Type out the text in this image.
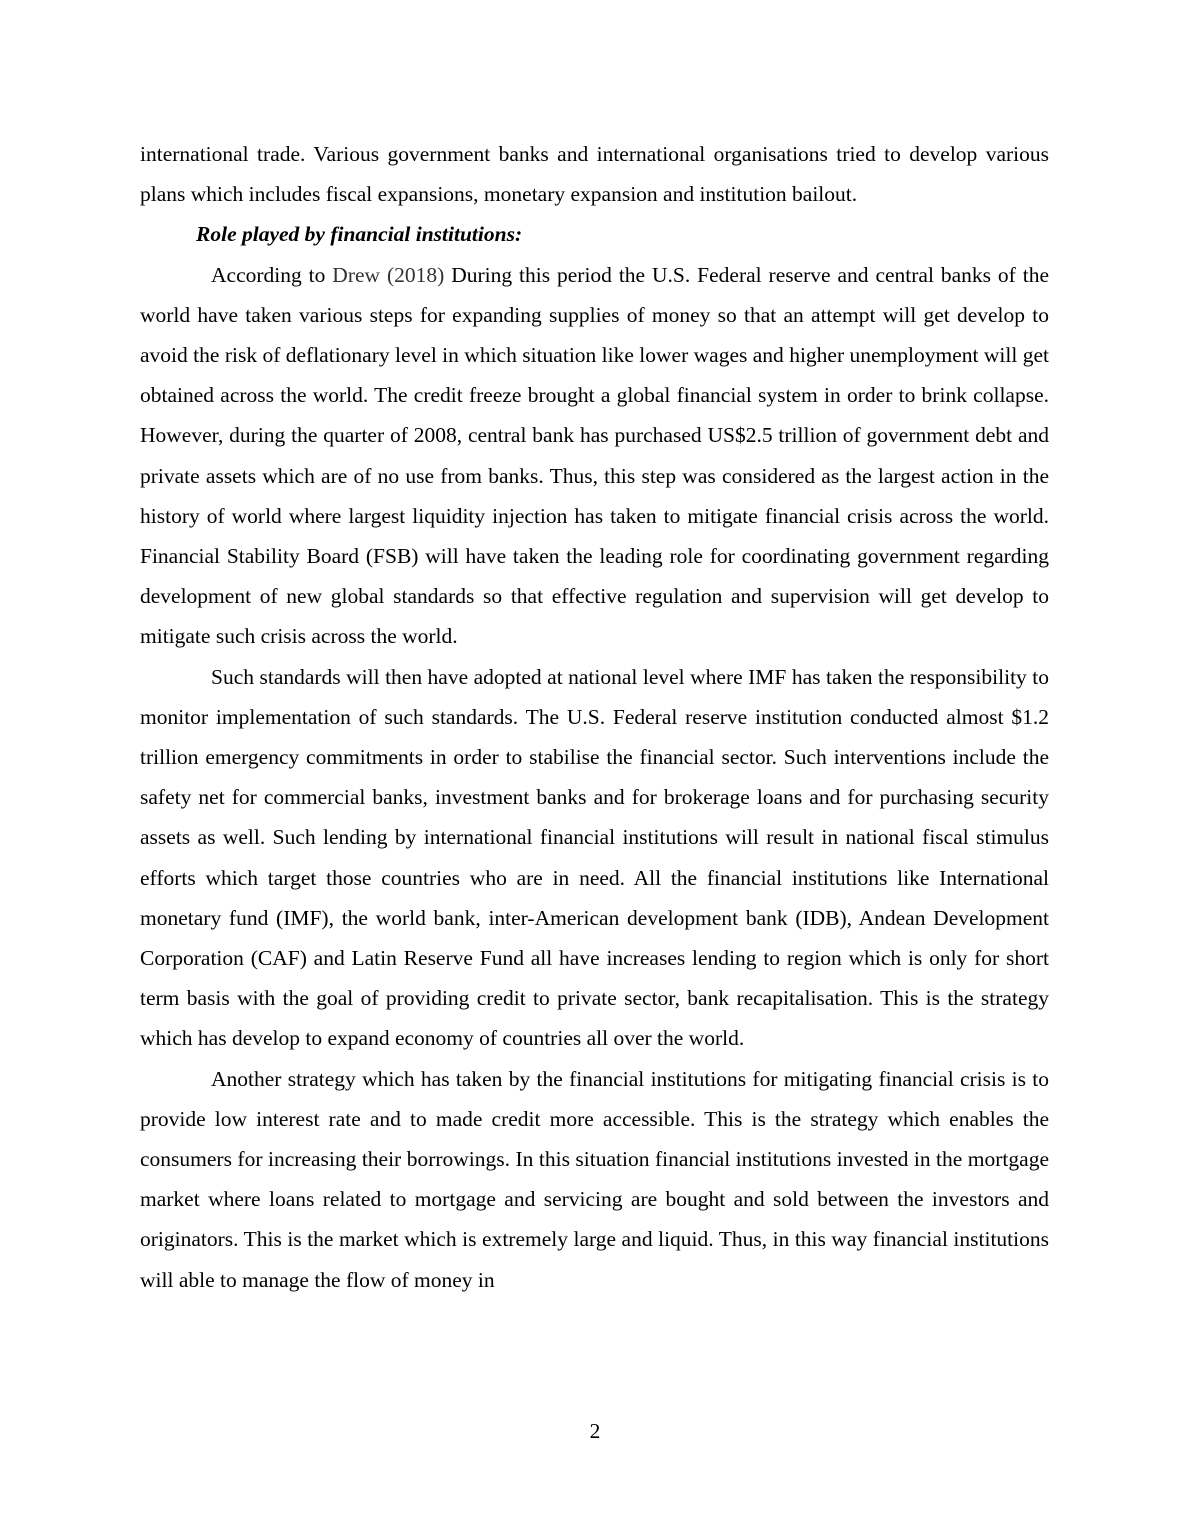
international trade. Various government banks and international organisations tried to develop various plans which includes fiscal expansions, monetary expansion and institution bailout.

Role played by financial institutions:

According to Drew (2018) During this period the U.S. Federal reserve and central banks of the world have taken various steps for expanding supplies of money so that an attempt will get develop to avoid the risk of deflationary level in which situation like lower wages and higher unemployment will get obtained across the world. The credit freeze brought a global financial system in order to brink collapse. However, during the quarter of 2008, central bank has purchased US$2.5 trillion of government debt and private assets which are of no use from banks. Thus, this step was considered as the largest action in the history of world where largest liquidity injection has taken to mitigate financial crisis across the world. Financial Stability Board (FSB) will have taken the leading role for coordinating government regarding development of new global standards so that effective regulation and supervision will get develop to mitigate such crisis across the world.

Such standards will then have adopted at national level where IMF has taken the responsibility to monitor implementation of such standards. The U.S. Federal reserve institution conducted almost $1.2 trillion emergency commitments in order to stabilise the financial sector. Such interventions include the safety net for commercial banks, investment banks and for brokerage loans and for purchasing security assets as well. Such lending by international financial institutions will result in national fiscal stimulus efforts which target those countries who are in need. All the financial institutions like International monetary fund (IMF), the world bank, inter-American development bank (IDB), Andean Development Corporation (CAF) and Latin Reserve Fund all have increases lending to region which is only for short term basis with the goal of providing credit to private sector, bank recapitalisation. This is the strategy which has develop to expand economy of countries all over the world.

Another strategy which has taken by the financial institutions for mitigating financial crisis is to provide low interest rate and to made credit more accessible. This is the strategy which enables the consumers for increasing their borrowings. In this situation financial institutions invested in the mortgage market where loans related to mortgage and servicing are bought and sold between the investors and originators. This is the market which is extremely large and liquid. Thus, in this way financial institutions will able to manage the flow of money in

2
